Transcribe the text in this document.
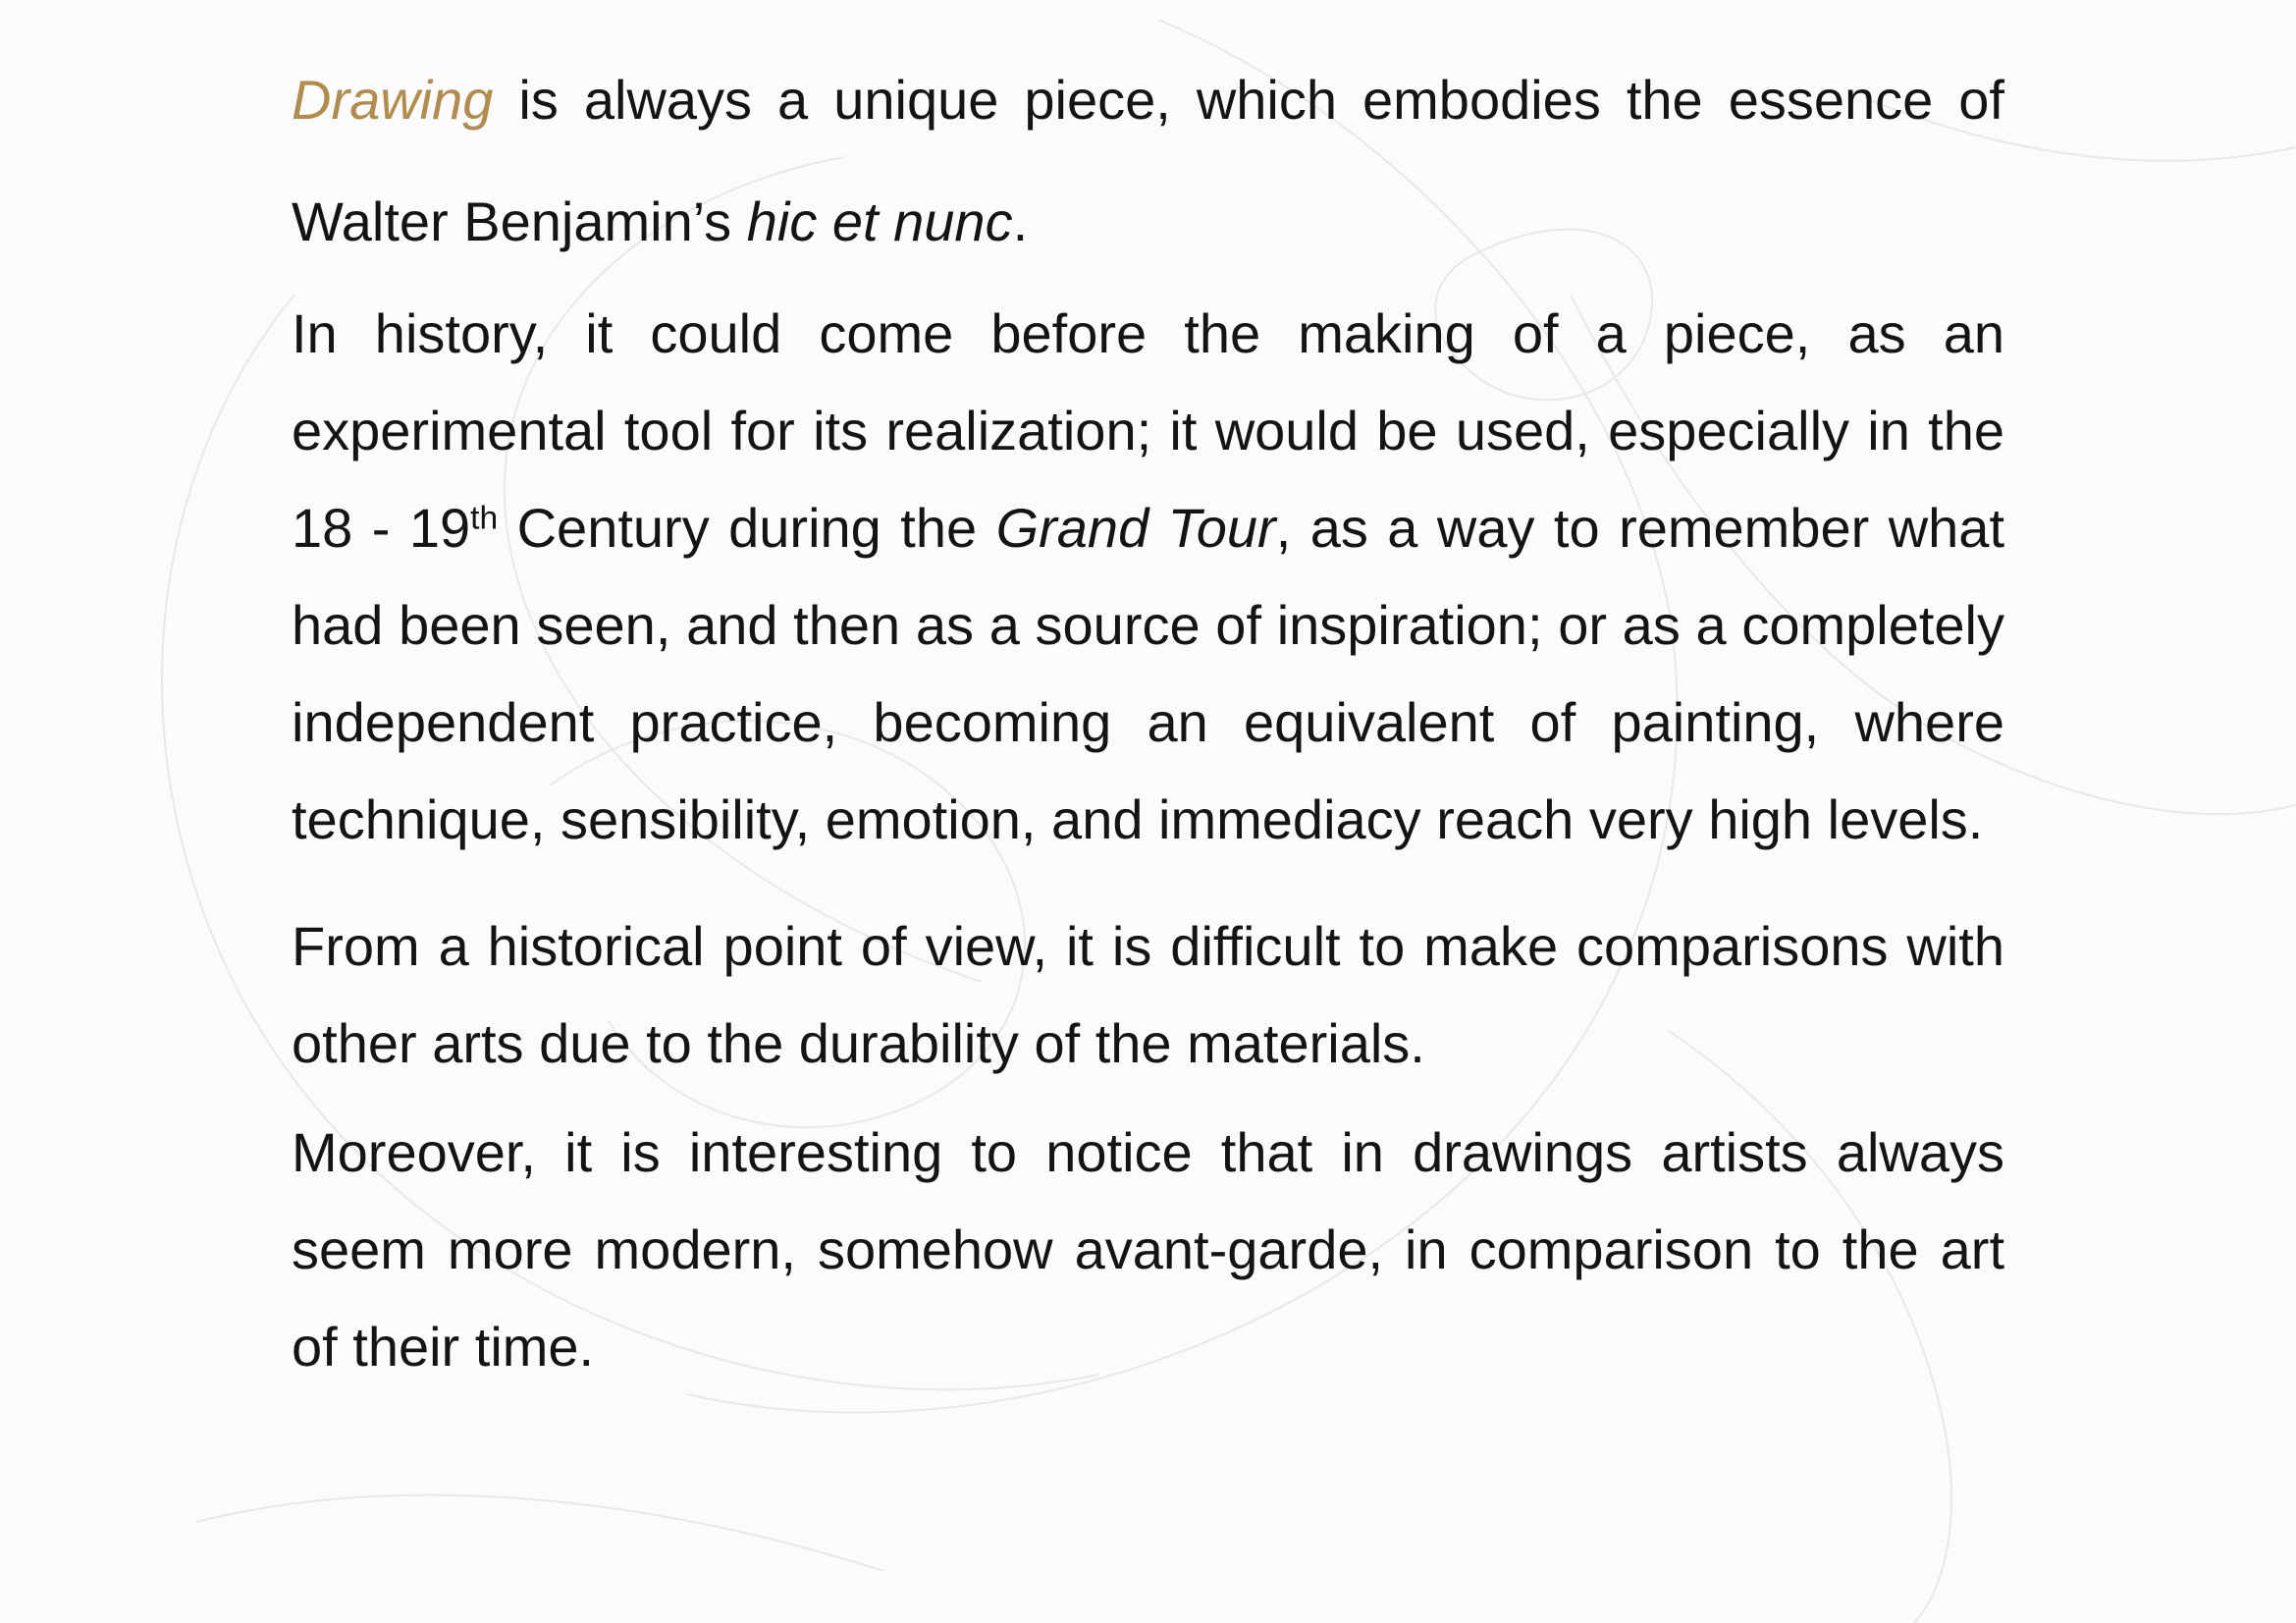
Drawing is always a unique piece, which embodies the essence of Walter Benjamin’s hic et nunc.

In history, it could come before the making of a piece, as an experimental tool for its realization; it would be used, especially in the 18 - 19th Century during the Grand Tour, as a way to remember what had been seen, and then as a source of inspiration; or as a completely independent practice, becoming an equivalent of painting, where technique, sensibility, emotion, and immediacy reach very high levels.

From a historical point of view, it is difficult to make comparisons with other arts due to the durability of the materials.

Moreover, it is interesting to notice that in drawings artists always seem more modern, somehow avant-garde, in comparison to the art of their time.
